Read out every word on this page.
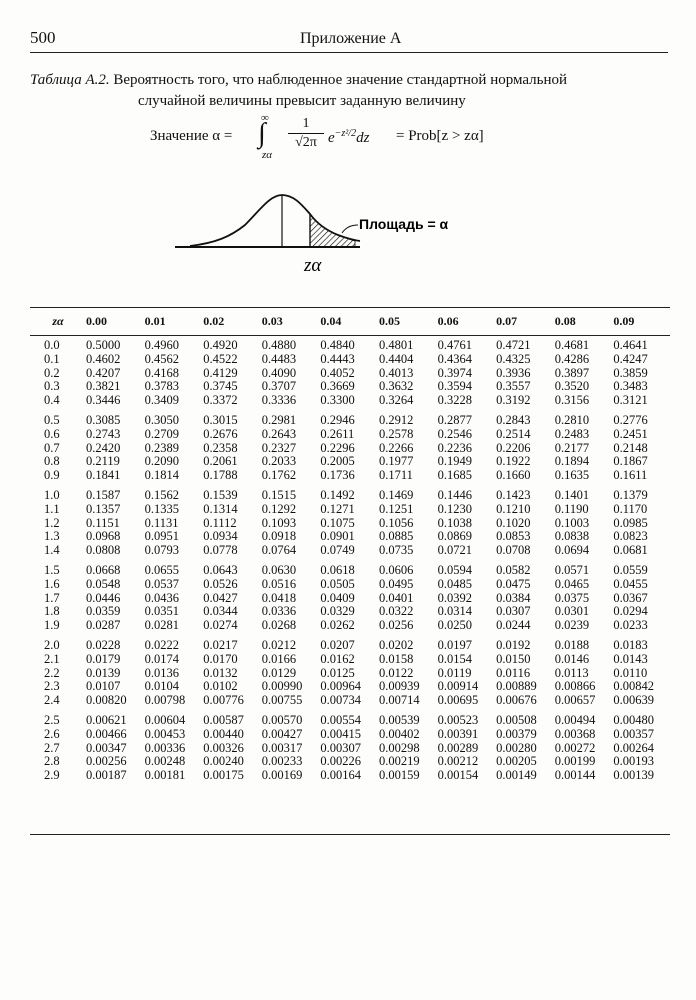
500	Приложение А
Таблица А.2. Вероятность того, что наблюденное значение стандартной нормальной
случайной величины превысит заданную величину
Значение α =
∞
∫
zα
1
√2π $e^{-z^2/2}dz$ = Prob[z > zα]
Площадь = α
zα
zα	0.00	0.01	0.02	0.03	0.04	0.05	0.06	0.07	0.08	0.09
0.0	0.5000	0.4960	0.4920	0.4880	0.4840	0.4801	0.4761	0.4721	0.4681	0.4641
0.1	0.4602	0.4562	0.4522	0.4483	0.4443	0.4404	0.4364	0.4325	0.4286	0.4247
0.2	0.4207	0.4168	0.4129	0.4090	0.4052	0.4013	0.3974	0.3936	0.3897	0.3859
0.3	0.3821	0.3783	0.3745	0.3707	0.3669	0.3632	0.3594	0.3557	0.3520	0.3483
0.4	0.3446	0.3409	0.3372	0.3336	0.3300	0.3264	0.3228	0.3192	0.3156	0.3121

0.5	0.3085	0.3050	0.3015	0.2981	0.2946	0.2912	0.2877	0.2843	0.2810	0.2776
0.6	0.2743	0.2709	0.2676	0.2643	0.2611	0.2578	0.2546	0.2514	0.2483	0.2451
0.7	0.2420	0.2389	0.2358	0.2327	0.2296	0.2266	0.2236	0.2206	0.2177	0.2148
0.8	0.2119	0.2090	0.2061	0.2033	0.2005	0.1977	0.1949	0.1922	0.1894	0.1867
0.9	0.1841	0.1814	0.1788	0.1762	0.1736	0.1711	0.1685	0.1660	0.1635	0.1611

1.0	0.1587	0.1562	0.1539	0.1515	0.1492	0.1469	0.1446	0.1423	0.1401	0.1379
1.1	0.1357	0.1335	0.1314	0.1292	0.1271	0.1251	0.1230	0.1210	0.1190	0.1170
1.2	0.1151	0.1131	0.1112	0.1093	0.1075	0.1056	0.1038	0.1020	0.1003	0.0985
1.3	0.0968	0.0951	0.0934	0.0918	0.0901	0.0885	0.0869	0.0853	0.0838	0.0823
1.4	0.0808	0.0793	0.0778	0.0764	0.0749	0.0735	0.0721	0.0708	0.0694	0.0681

1.5	0.0668	0.0655	0.0643	0.0630	0.0618	0.0606	0.0594	0.0582	0.0571	0.0559
1.6	0.0548	0.0537	0.0526	0.0516	0.0505	0.0495	0.0485	0.0475	0.0465	0.0455
1.7	0.0446	0.0436	0.0427	0.0418	0.0409	0.0401	0.0392	0.0384	0.0375	0.0367
1.8	0.0359	0.0351	0.0344	0.0336	0.0329	0.0322	0.0314	0.0307	0.0301	0.0294
1.9	0.0287	0.0281	0.0274	0.0268	0.0262	0.0256	0.0250	0.0244	0.0239	0.0233

2.0	0.0228	0.0222	0.0217	0.0212	0.0207	0.0202	0.0197	0.0192	0.0188	0.0183
2.1	0.0179	0.0174	0.0170	0.0166	0.0162	0.0158	0.0154	0.0150	0.0146	0.0143
2.2	0.0139	0.0136	0.0132	0.0129	0.0125	0.0122	0.0119	0.0116	0.0113	0.0110
2.3	0.0107	0.0104	0.0102	0.00990	0.00964	0.00939	0.00914	0.00889	0.00866	0.00842
2.4	0.00820	0.00798	0.00776	0.00755	0.00734	0.00714	0.00695	0.00676	0.00657	0.00639

2.5	0.00621	0.00604	0.00587	0.00570	0.00554	0.00539	0.00523	0.00508	0.00494	0.00480
2.6	0.00466	0.00453	0.00440	0.00427	0.00415	0.00402	0.00391	0.00379	0.00368	0.00357
2.7	0.00347	0.00336	0.00326	0.00317	0.00307	0.00298	0.00289	0.00280	0.00272	0.00264
2.8	0.00256	0.00248	0.00240	0.00233	0.00226	0.00219	0.00212	0.00205	0.00199	0.00193
2.9	0.00187	0.00181	0.00175	0.00169	0.00164	0.00159	0.00154	0.00149	0.00144	0.00139
